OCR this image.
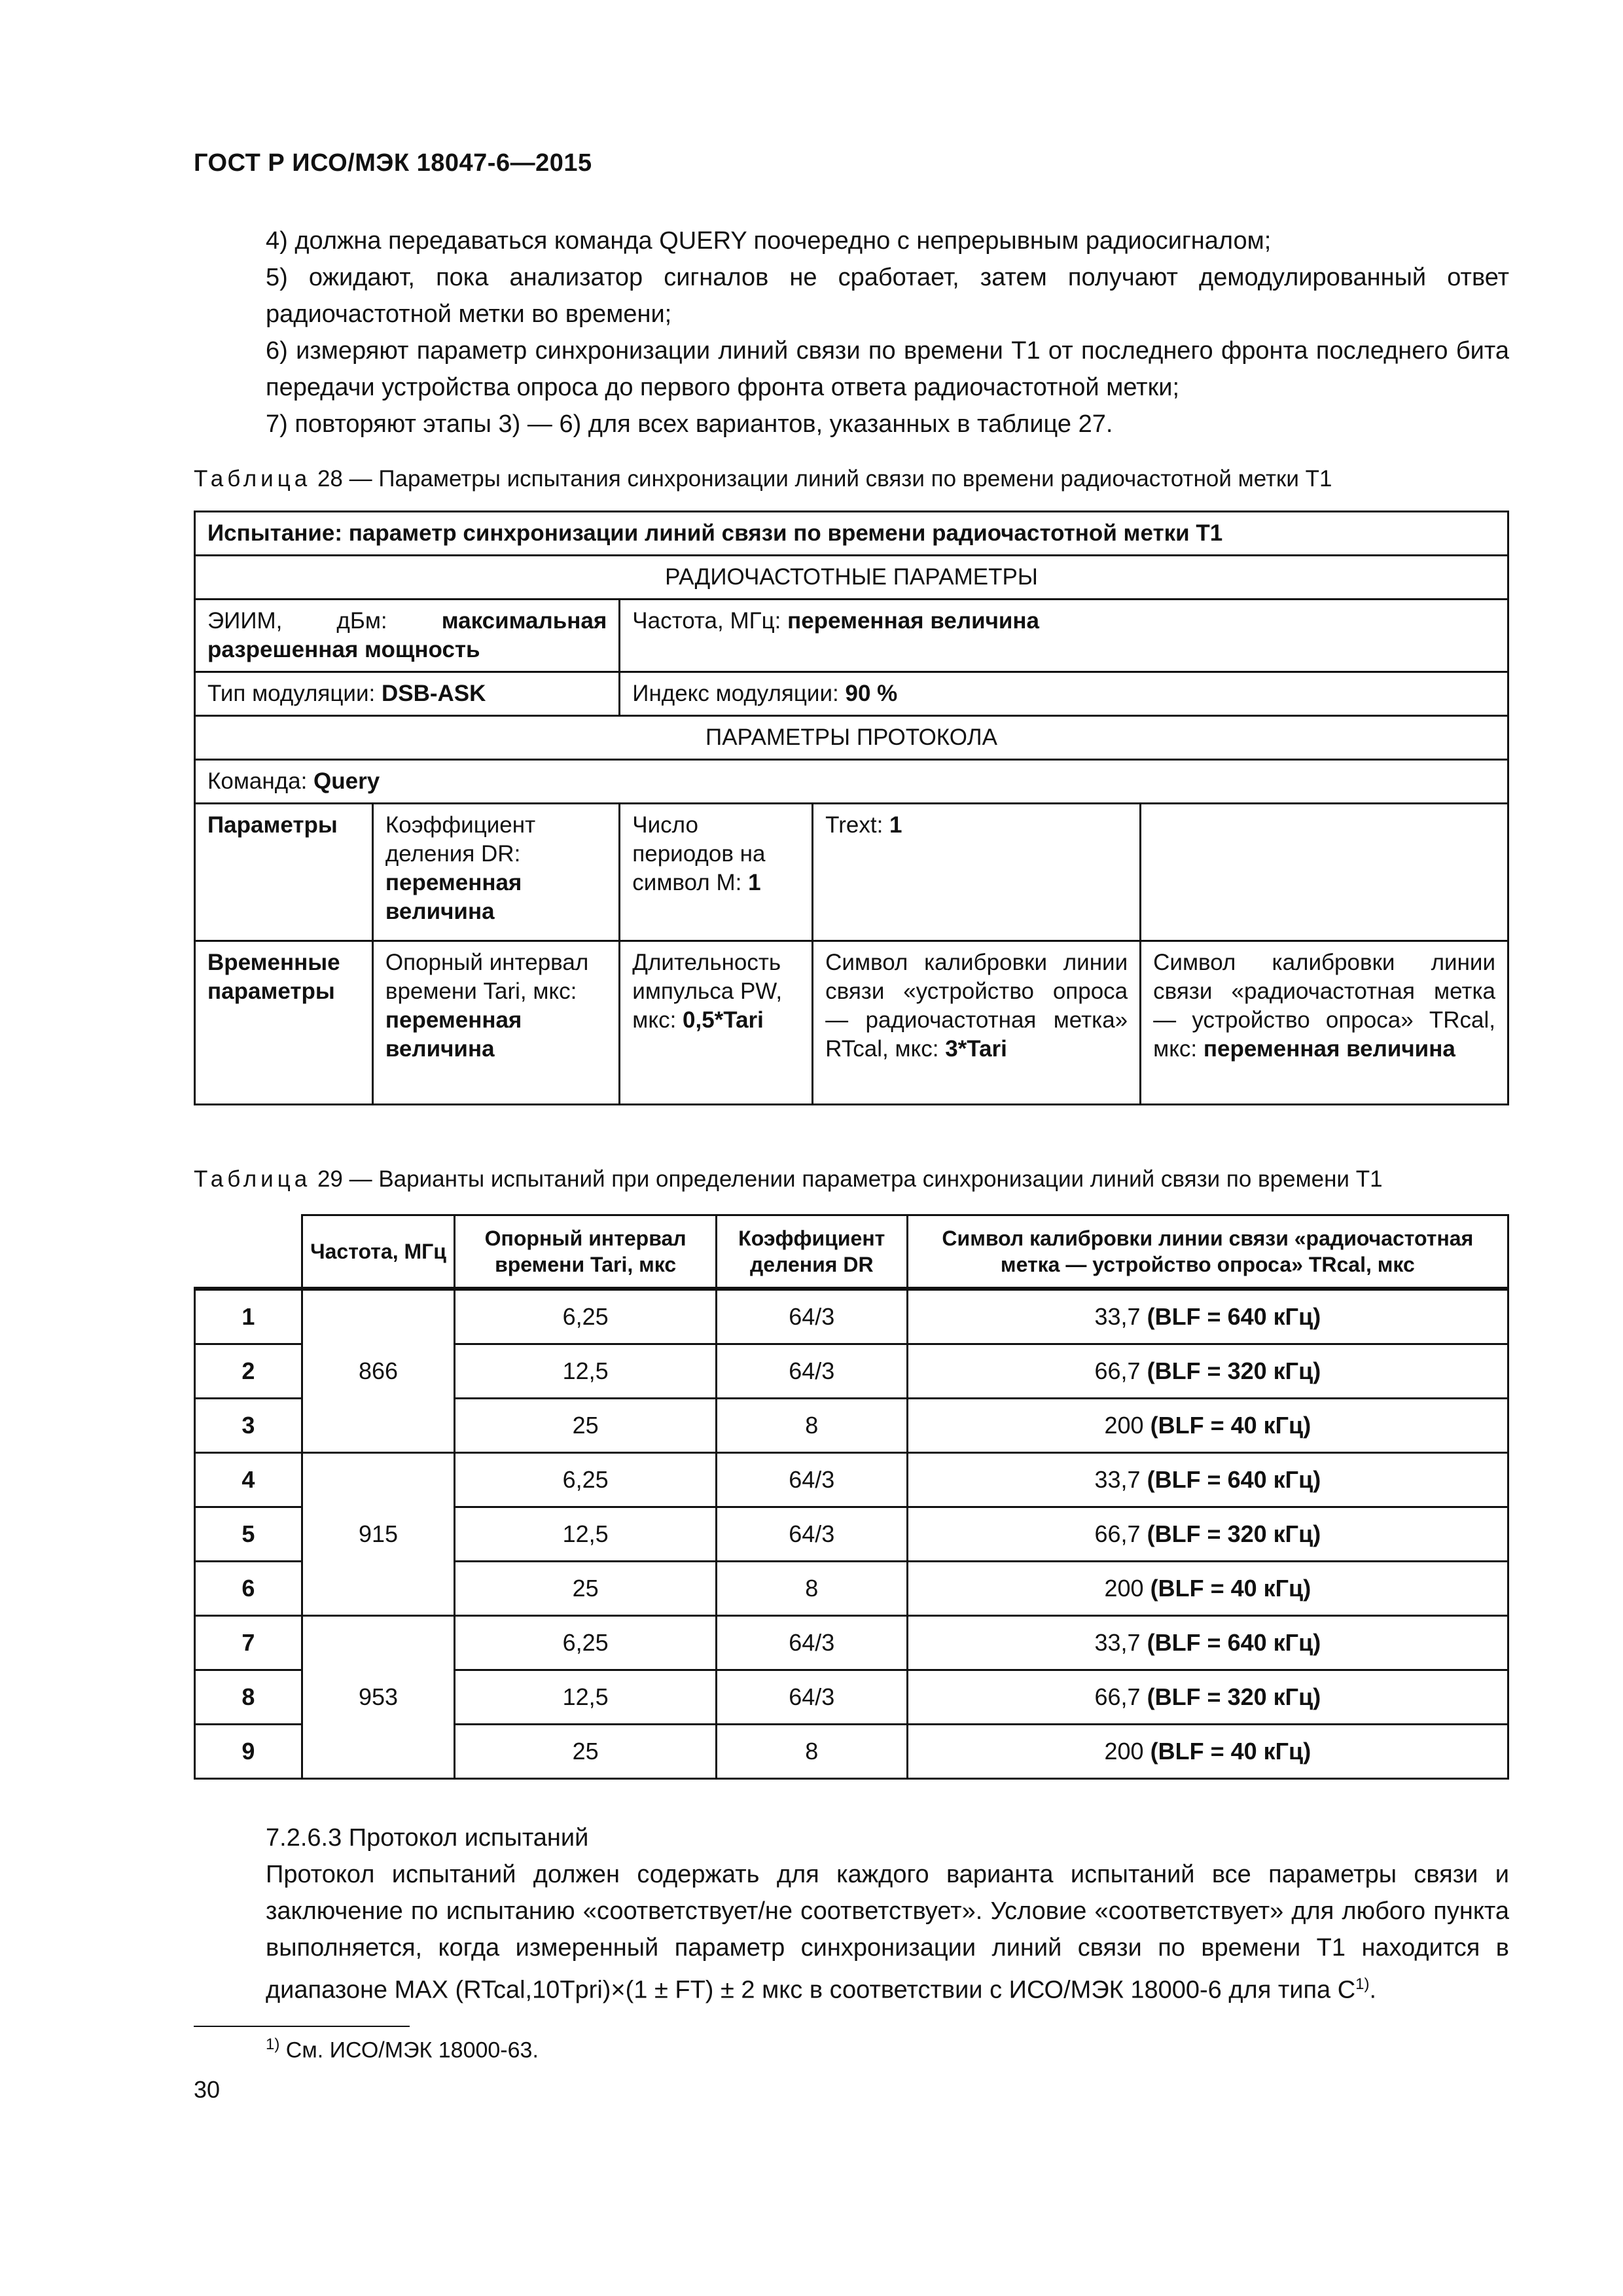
ГОСТ Р ИСО/МЭК 18047-6—2015
4) должна передаваться команда QUERY поочередно с непрерывным радиосигналом;
5) ожидают, пока анализатор сигналов не сработает, затем получают демодулированный ответ радиочастотной метки во времени;
6) измеряют параметр синхронизации линий связи по времени T1 от последнего фронта последнего бита передачи устройства опроса до первого фронта ответа радиочастотной метки;
7) повторяют этапы 3) — 6) для всех вариантов, указанных в таблице 27.
Таблица 28 — Параметры испытания синхронизации линий связи по времени радиочастотной метки T1
Испытание: параметр синхронизации линий связи по времени радиочастотной метки T1				
РАДИОЧАСТОТНЫЕ ПАРАМЕТРЫ				
ЭИИМ, дБм: максимальная разрешенная мощность		Частота, МГц: переменная величина		
Тип модуляции: DSB-ASK		Индекс модуляции: 90 %		
ПАРАМЕТРЫ ПРОТОКОЛА				
Команда: Query				
Параметры	Коэффициент деления DR: переменная величина	Число периодов на символ M: 1	Trext: 1	
Временные параметры	Опорный интервал времени Tari, мкс: переменная величина	Длительность импульса PW, мкс: 0,5*Tari	Символ калибровки линии связи «устройство опроса — радиочастотная метка» RTcal, мкс: 3*Tari	Символ калибровки линии связи «радиочастотная метка — устройство опроса» TRcal, мкс: переменная величина
Таблица 29 — Варианты испытаний при определении параметра синхронизации линий связи по времени T1
	Частота, МГц	Опорный интервал времени Tari, мкс	Коэффициент деления DR	Символ калибровки линии связи «радиочастотная метка — устройство опроса» TRcal, мкс
1	866	6,25	64/3	33,7 (BLF = 640 кГц)
2		12,5	64/3	66,7 (BLF = 320 кГц)
3		25	8	200 (BLF = 40 кГц)
4	915	6,25	64/3	33,7 (BLF = 640 кГц)
5		12,5	64/3	66,7 (BLF = 320 кГц)
6		25	8	200 (BLF = 40 кГц)
7	953	6,25	64/3	33,7 (BLF = 640 кГц)
8		12,5	64/3	66,7 (BLF = 320 кГц)
9		25	8	200 (BLF = 40 кГц)
7.2.6.3 Протокол испытаний
Протокол испытаний должен содержать для каждого варианта испытаний все параметры связи и заключение по испытанию «соответствует/не соответствует». Условие «соответствует» для любого пункта выполняется, когда измеренный параметр синхронизации линий связи по времени T1 находится в диапазоне MAX (RTcal,10Tpri)×(1 ± FT) ± 2 мкс в соответствии с ИСО/МЭК 18000-6 для типа $C^{1)}$.
$^{1)}$ См. ИСО/МЭК 18000-63.
30
